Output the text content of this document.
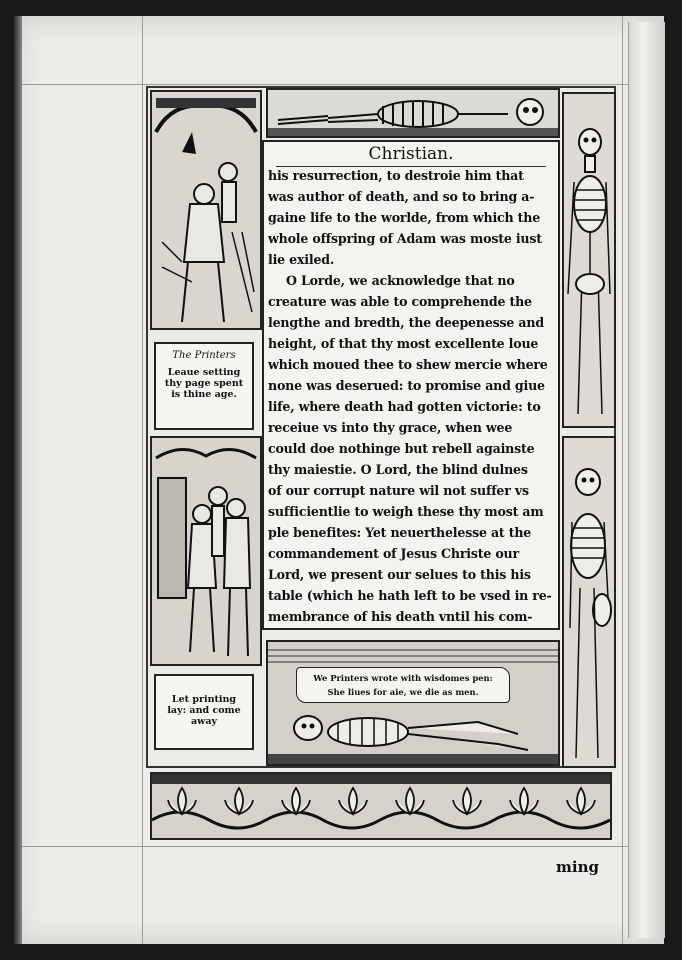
The Printers
Leaue setting
thy page spent
is thine age.
Let printing
lay: and come
away
Christian.
his resurrection, to destroie him that
was author of death, and so to bring a-
gaine life to the worlde, from which the
whole offspring of Adam was moste iust
lie exiled.
O Lorde, we acknowledge that no
creature was able to comprehende the
lengthe and bredth, the deepenesse and
height, of that thy most excellente loue
which moued thee to shew mercie where
none was deserued: to promise and giue
life, where death had gotten victorie: to
receiue vs into thy grace, when wee
could doe nothinge but rebell againste
thy maiestie. O Lord, the blind dulnes
of our corrupt nature wil not suffer vs
sufficientlie to weigh these thy most am
ple benefites: Yet neuerthelesse at the
commandement of Jesus Christe our
Lord, we present our selues to this his
table (which he hath left to be vsed in re-
membrance of his death vntil his com-
We Printers wrote with wisdomes pen:
She liues for aie, we die as men.
ming
